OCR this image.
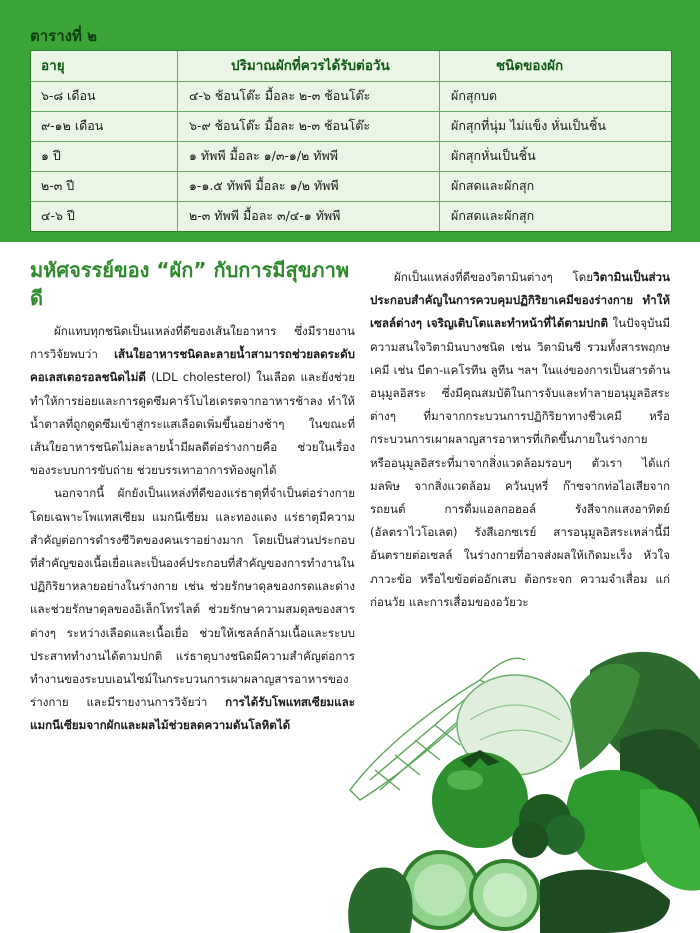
ตารางที่ ๒
อายุ	ปริมาณผักที่ควรได้รับต่อวัน	ชนิดของผัก
๖-๘ เดือน	๔-๖ ช้อนโต๊ะ มื้อละ ๒-๓ ช้อนโต๊ะ	ผักสุกบด
๙-๑๒ เดือน	๖-๙ ช้อนโต๊ะ มื้อละ ๒-๓ ช้อนโต๊ะ	ผักสุกที่นุ่ม ไม่แข็ง หั่นเป็นชิ้น
๑ ปี	๑ ทัพพี มื้อละ ๑/๓-๑/๒ ทัพพี	ผักสุกหั่นเป็นชิ้น
๒-๓ ปี	๑-๑.๕ ทัพพี มื้อละ ๑/๒ ทัพพี	ผักสดและผักสุก
๔-๖ ปี	๒-๓ ทัพพี มื้อละ ๓/๔-๑ ทัพพี	ผักสดและผักสุก
มหัศจรรย์ของ “ผัก” กับการมีสุขภาพดี

ผักแทบทุกชนิดเป็นแหล่งที่ดีของเส้นใยอาหาร ซึ่งมีรายงานการวิจัยพบว่า เส้นใยอาหารชนิดละลายน้ำสามารถช่วยลดระดับคอเลสเตอรอลชนิดไม่ดี (LDL cholesterol) ในเลือด และยังช่วยทำให้การย่อยและการดูดซึมคาร์โบไฮเดรตจากอาหารช้าลง ทำให้น้ำตาลที่ถูกดูดซึมเข้าสู่กระแสเลือดเพิ่มขึ้นอย่างช้าๆ ในขณะที่เส้นใยอาหารชนิดไม่ละลายน้ำมีผลดีต่อร่างกายคือ ช่วยในเรื่องของระบบการขับถ่าย ช่วยบรรเทาอาการท้องผูกได้

นอกจากนี้ ผักยังเป็นแหล่งที่ดีของแร่ธาตุที่จำเป็นต่อร่างกาย โดยเฉพาะโพแทสเซียม แมกนีเซียม และทองแดง แร่ธาตุมีความสำคัญต่อการดำรงชีวิตของคนเราอย่างมาก โดยเป็นส่วนประกอบที่สำคัญของเนื้อเยื่อและเป็นองค์ประกอบที่สำคัญของการทำงานในปฏิกิริยาหลายอย่างในร่างกาย เช่น ช่วยรักษาดุลของกรดและด่าง และช่วยรักษาดุลของอิเล็กโทรไลต์ ช่วยรักษาความสมดุลของสารต่างๆ ระหว่างเลือดและเนื้อเยื่อ ช่วยให้เซลล์กล้ามเนื้อและระบบประสาททำงานได้ตามปกติ แร่ธาตุบางชนิดมีความสำคัญต่อการทำงานของระบบเอนไซม์ในกระบวนการเผาผลาญสารอาหารของร่างกาย และมีรายงานการวิจัยว่า การได้รับโพแทสเซียมและแมกนีเซียมจากผักและผลไม้ช่วยลดความดันโลหิตได้

ผักเป็นแหล่งที่ดีของวิตามินต่างๆ โดยวิตามินเป็นส่วนประกอบสำคัญในการควบคุมปฏิกิริยาเคมีของร่างกาย ทำให้เซลล์ต่างๆ เจริญเติบโตและทำหน้าที่ได้ตามปกติ ในปัจจุบันมีความสนใจวิตามินบางชนิด เช่น วิตามินซี รวมทั้งสารพฤกษเคมี เช่น บีตา-แคโรทีน ลูทีน ฯลฯ ในแง่ของการเป็นสารต้านอนุมูลอิสระ ซึ่งมีคุณสมบัติในการจับและทำลายอนุมูลอิสระต่างๆ ที่มาจากกระบวนการปฏิกิริยาทางชีวเคมี หรือกระบวนการเผาผลาญสารอาหารที่เกิดขึ้นภายในร่างกาย หรืออนุมูลอิสระที่มาจากสิ่งแวดล้อมรอบๆ ตัวเรา ได้แก่ มลพิษ จากสิ่งแวดล้อม ควันบุหรี่ ก๊าซจากท่อไอเสียจากรถยนต์ การดื่มแอลกอฮอล์ รังสีจากแสงอาทิตย์ (อัลตราไวโอเลต) รังสีเอกซเรย์ สารอนุมูลอิสระเหล่านี้มีอันตรายต่อเซลล์ ในร่างกายที่อาจส่งผลให้เกิดมะเร็ง หัวใจ ภาวะข้อ หรือไขข้อต่ออักเสบ ต้อกระจก ความจำเสื่อม แก่ก่อนวัย และการเสื่อมของอวัยวะ
